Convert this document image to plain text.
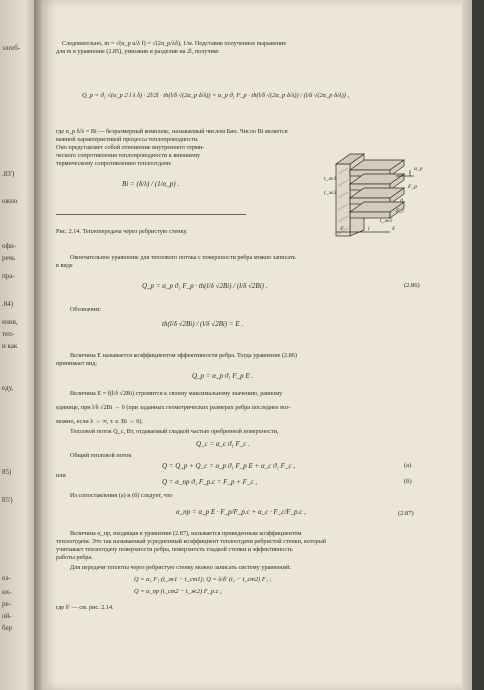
элгеб-
.83')
ожно
офи-
речь
пра-
.84)
ения,
теп-
и как
еду,
85)
85')
оз-
нх-
ре-
ой-
бер
Следовательно, m = √(α_р u/λ f) = √(2α_р/λδ), 1/м. Подставив полученное выражение
для m в уравнение (2.85), умножив и разделив на 2l, получим:
Q_р = ϑ₁ √(α_р 2 l λ δ) · 2l/2l · th(l/δ √(2α_р δ/λ)) = α_р ϑ₁ F_р · th(l/δ √(2α_р δ/λ)) / (l/δ √(2α_р δ/λ)) ,
где α_р δ/λ = Bi — безразмерный комплекс, называемый числом Био. Число Bi является
важной характеристикой процесса теплопроводности.
Оно представляет собой отношение внутреннего терми-
ческого сопротивления теплопроводности к внешнему
термическому сопротивлению теплоотдачи:
Bi = (δ/λ) / (1/α_р) .
Рис. 2.14. Теплопередача через ребристую стенку.
Окончательное уравнение для теплового потока с поверхности ребра можно записать
в виде
Q_р = α_р ϑ₁ F_р · th(l/δ √2Bi) / (l/δ √2Bi) .	(2.86)
Обозначим:
th(l/δ √2Bi) / (l/δ √2Bi) = E .
Величина E называется коэффициентом эффективности ребра. Тогда уравнение (2.86)
принимает вид:
Q_р = α_р ϑ₁ F_р E .
Величина E = f(l/δ √2Bi) стремится к своему максимальному значению, равному
единице, при l/δ √2Bi → 0 (при заданных геометрических размерах ребра последнее воз-
можно, если λ → ∞, т. е. Bi → 0).
Тепловой поток Q_с, Вт, отдаваемый гладкой частью оребренной поверхности,
Q_с = α_с ϑ₁ F_с .
Общий тепловой поток
Q = Q_р + Q_с = α_р ϑ₁ F_р E + α_с ϑ₁ F_с ,	(a)
или
Q = α_пр ϑ₁ F_р.с = F_р + F_с ,	(б)
Из сопоставления (а) и (б) следует, что
α_пр = α_р E · F_р/F_р.с + α_с · F_с/F_р.с ,	(2.87)
Величина α_пр, входящая в уравнение (2.87), называется приведенным коэффициентом
теплоотдачи. Это так называемый усредненный коэффициент теплоотдачи ребристой стенки, который
учитывает теплоотдачу поверхности ребра, поверхность гладкой стенки и эффективность
работы ребра.
Для передачи теплоты через ребристую стенку можно записать систему уравнений:
Q = α₁ F₁ (t_ж1 − t_ст1); Q = λ/δ′ (t₁ − t_ст2) F₁ ;
Q = α_пр (t_ст2 − t_ж2) F_р.с ,
где δ′ — см. рис. 2.14.
t_ж1
t_ж2
α_р
ϑ₁
F_с
F_р
δ′	l
t_ж2
δ
